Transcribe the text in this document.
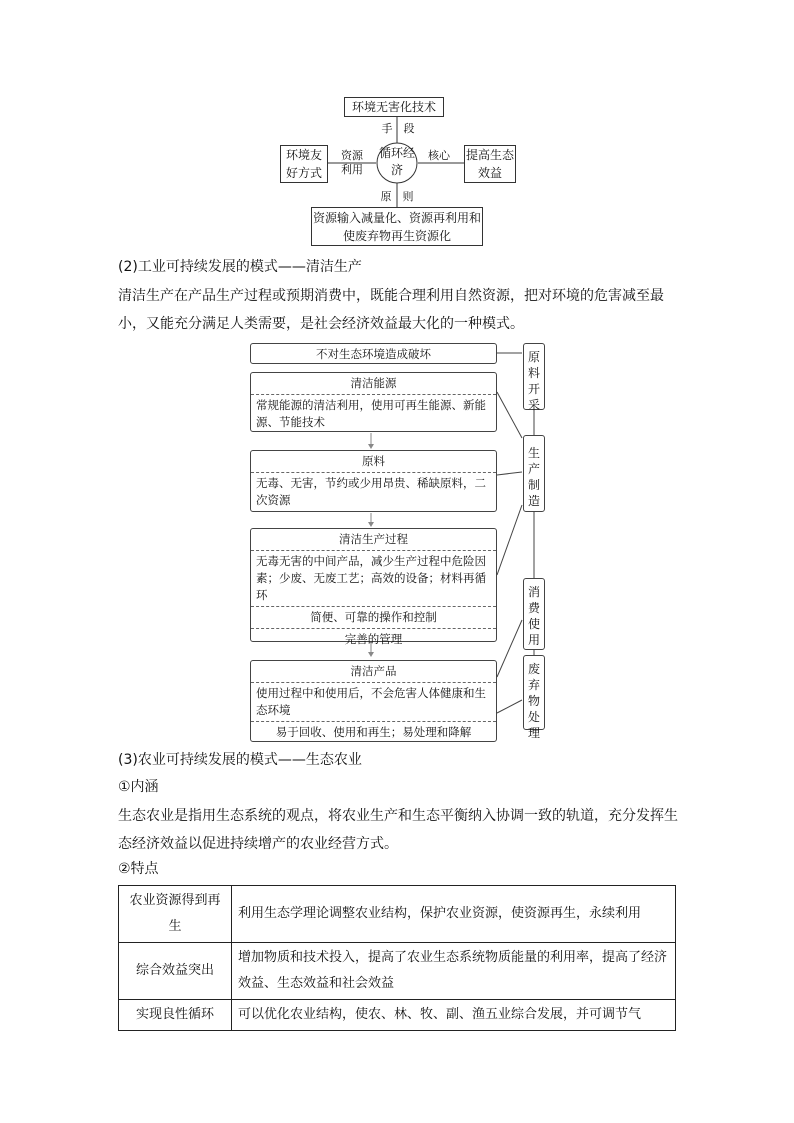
环境无害化技术
手　段
循环经济
环境友好方式
资源利用
核心	提高生态效益
原　则
资源输入减量化、资源再利用和使废弃物再生资源化
(2)工业可持续发展的模式——清洁生产
清洁生产在产品生产过程或预期消费中，既能合理利用自然资源，把对环境的危害减至最小，又能充分满足人类需要，是社会经济效益最大化的一种模式。
不对生态环境造成破坏
清洁能源
常规能源的清洁利用，使用可再生能源、新能源、节能技术
原料
无毒、无害，节约或少用昂贵、稀缺原料，二次资源
清洁生产过程
无毒无害的中间产品，减少生产过程中危险因素；少废、无废工艺；高效的设备；材料再循环
简便、可靠的操作和控制
完善的管理
清洁产品
使用过程中和使用后，不会危害人体健康和生态环境
易于回收、使用和再生；易处理和降解
原料开采
生产制造
消费使用
废弃物处理
(3)农业可持续发展的模式——生态农业
①内涵
生态农业是指用生态系统的观点，将农业生产和生态平衡纳入协调一致的轨道，充分发挥生态经济效益以促进持续增产的农业经营方式。
②特点
农业资源得到再生	利用生态学理论调整农业结构，保护农业资源，使资源再生，永续利用
综合效益突出	增加物质和技术投入，提高了农业生态系统物质能量的利用率，提高了经济效益、生态效益和社会效益
实现良性循环	可以优化农业结构，使农、林、牧、副、渔五业综合发展，并可调节气
